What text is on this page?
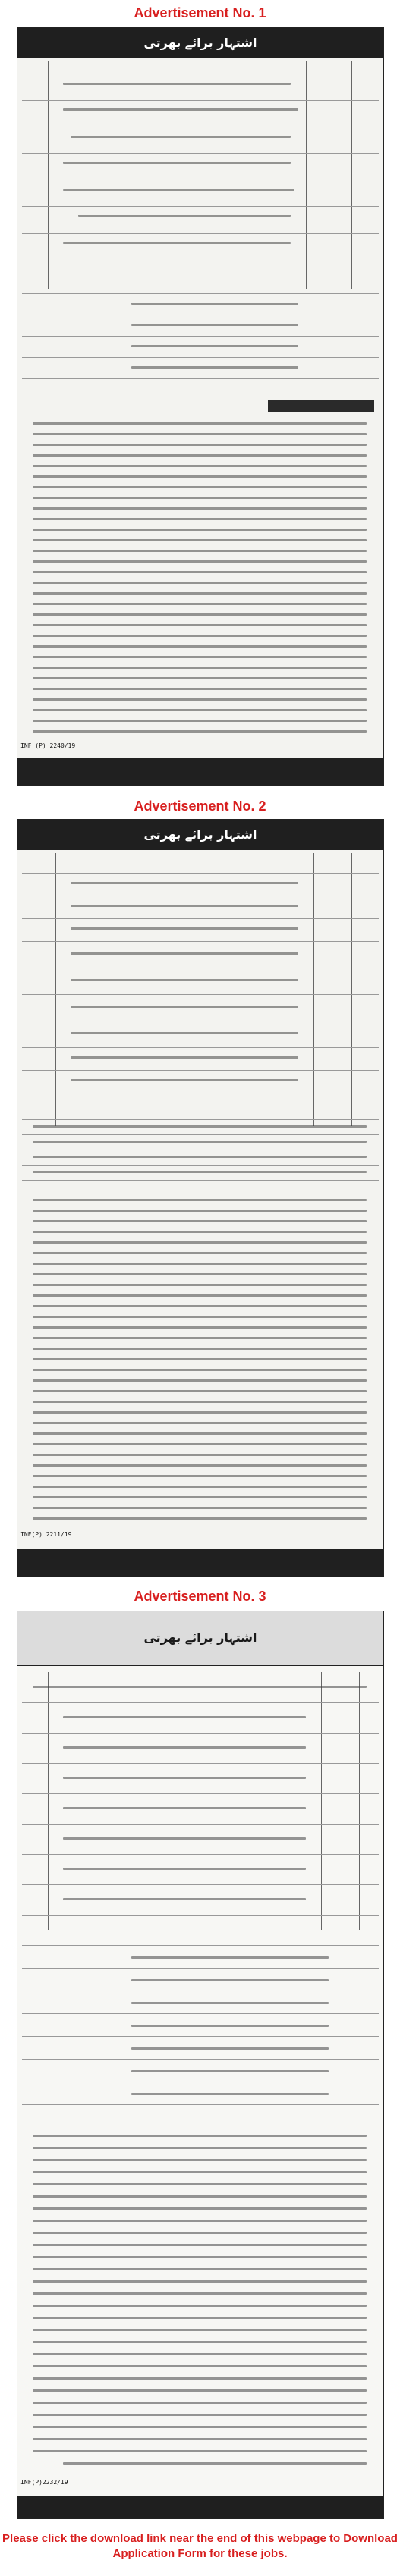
Advertisement No. 1
اشتہار برائے بھرتی
INF (P) 2240/19
Advertisement No. 2
اشتہار برائے بھرتی
INF(P) 2211/19
Advertisement No. 3
اشتہار برائے بھرتی
INF(P)2232/19
Please click the download link near the end of this webpage to Download Application Form for these jobs.
